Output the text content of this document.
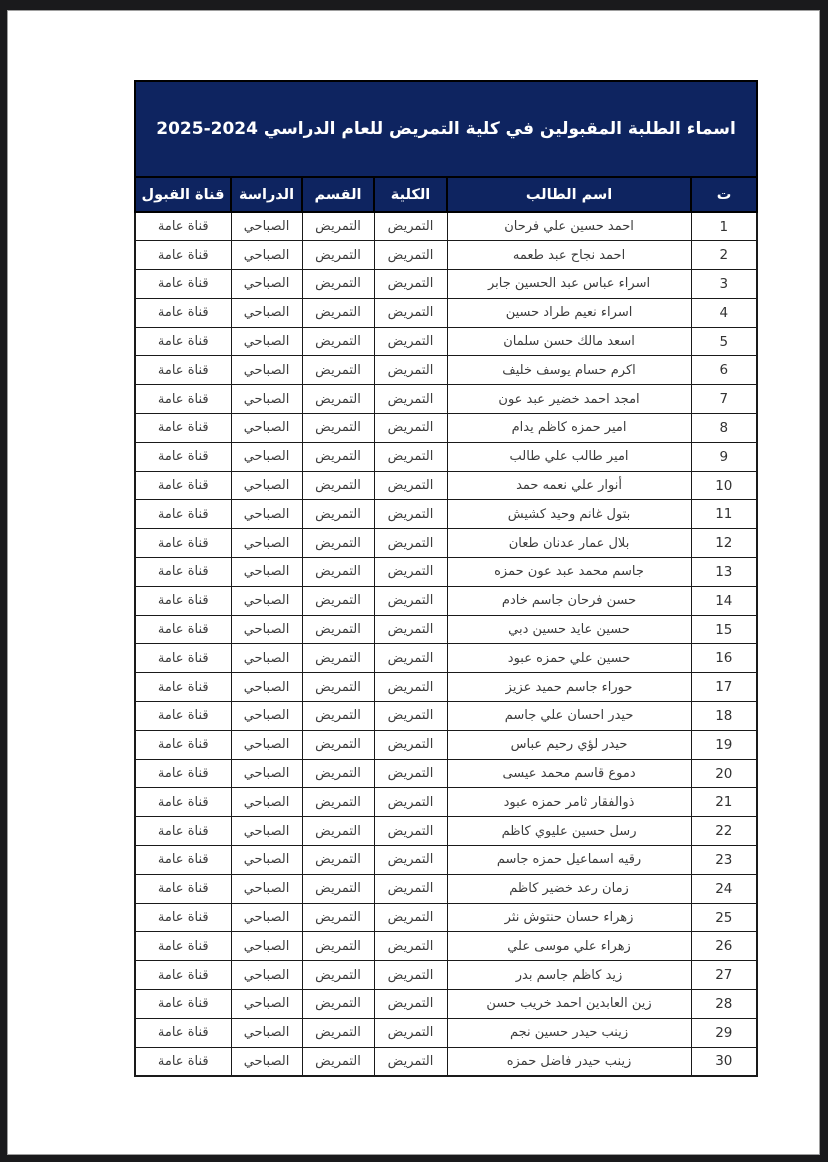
اسماء الطلبة المقبولين في كلية التمريض للعام الدراسي 2024-2025					
ت	اسم الطالب	الكلية	القسم	الدراسة	قناة القبول
1	احمد حسين علي فرحان	التمريض	التمريض	الصباحي	قناة عامة
2	احمد نجاح عبد طعمه	التمريض	التمريض	الصباحي	قناة عامة
3	اسراء عباس عبد الحسين جابر	التمريض	التمريض	الصباحي	قناة عامة
4	اسراء نعيم طراد حسين	التمريض	التمريض	الصباحي	قناة عامة
5	اسعد مالك حسن سلمان	التمريض	التمريض	الصباحي	قناة عامة
6	اكرم حسام يوسف خليف	التمريض	التمريض	الصباحي	قناة عامة
7	امجد احمد خضير عبد عون	التمريض	التمريض	الصباحي	قناة عامة
8	امير حمزه كاظم يدام	التمريض	التمريض	الصباحي	قناة عامة
9	امير طالب علي طالب	التمريض	التمريض	الصباحي	قناة عامة
10	أنوار علي نعمه حمد	التمريض	التمريض	الصباحي	قناة عامة
11	بتول غانم وحيد كشيش	التمريض	التمريض	الصباحي	قناة عامة
12	بلال عمار عدنان طعان	التمريض	التمريض	الصباحي	قناة عامة
13	جاسم محمد عبد عون حمزه	التمريض	التمريض	الصباحي	قناة عامة
14	حسن فرحان جاسم خادم	التمريض	التمريض	الصباحي	قناة عامة
15	حسين عايد حسين دبي	التمريض	التمريض	الصباحي	قناة عامة
16	حسين علي حمزه عبود	التمريض	التمريض	الصباحي	قناة عامة
17	حوراء جاسم حميد عزيز	التمريض	التمريض	الصباحي	قناة عامة
18	حيدر احسان علي جاسم	التمريض	التمريض	الصباحي	قناة عامة
19	حيدر لؤي رحيم عباس	التمريض	التمريض	الصباحي	قناة عامة
20	دموع قاسم محمد عيسى	التمريض	التمريض	الصباحي	قناة عامة
21	ذوالفقار ثامر حمزه عبود	التمريض	التمريض	الصباحي	قناة عامة
22	رسل حسين عليوي كاظم	التمريض	التمريض	الصباحي	قناة عامة
23	رقيه اسماعيل حمزه جاسم	التمريض	التمريض	الصباحي	قناة عامة
24	زمان رعد خضير كاظم	التمريض	التمريض	الصباحي	قناة عامة
25	زهراء حسان حنتوش نثر	التمريض	التمريض	الصباحي	قناة عامة
26	زهراء علي موسى علي	التمريض	التمريض	الصباحي	قناة عامة
27	زيد كاظم جاسم بدر	التمريض	التمريض	الصباحي	قناة عامة
28	زين العابدين احمد خريب حسن	التمريض	التمريض	الصباحي	قناة عامة
29	زينب حيدر حسين نجم	التمريض	التمريض	الصباحي	قناة عامة
30	زينب حيدر فاضل حمزه	التمريض	التمريض	الصباحي	قناة عامة
